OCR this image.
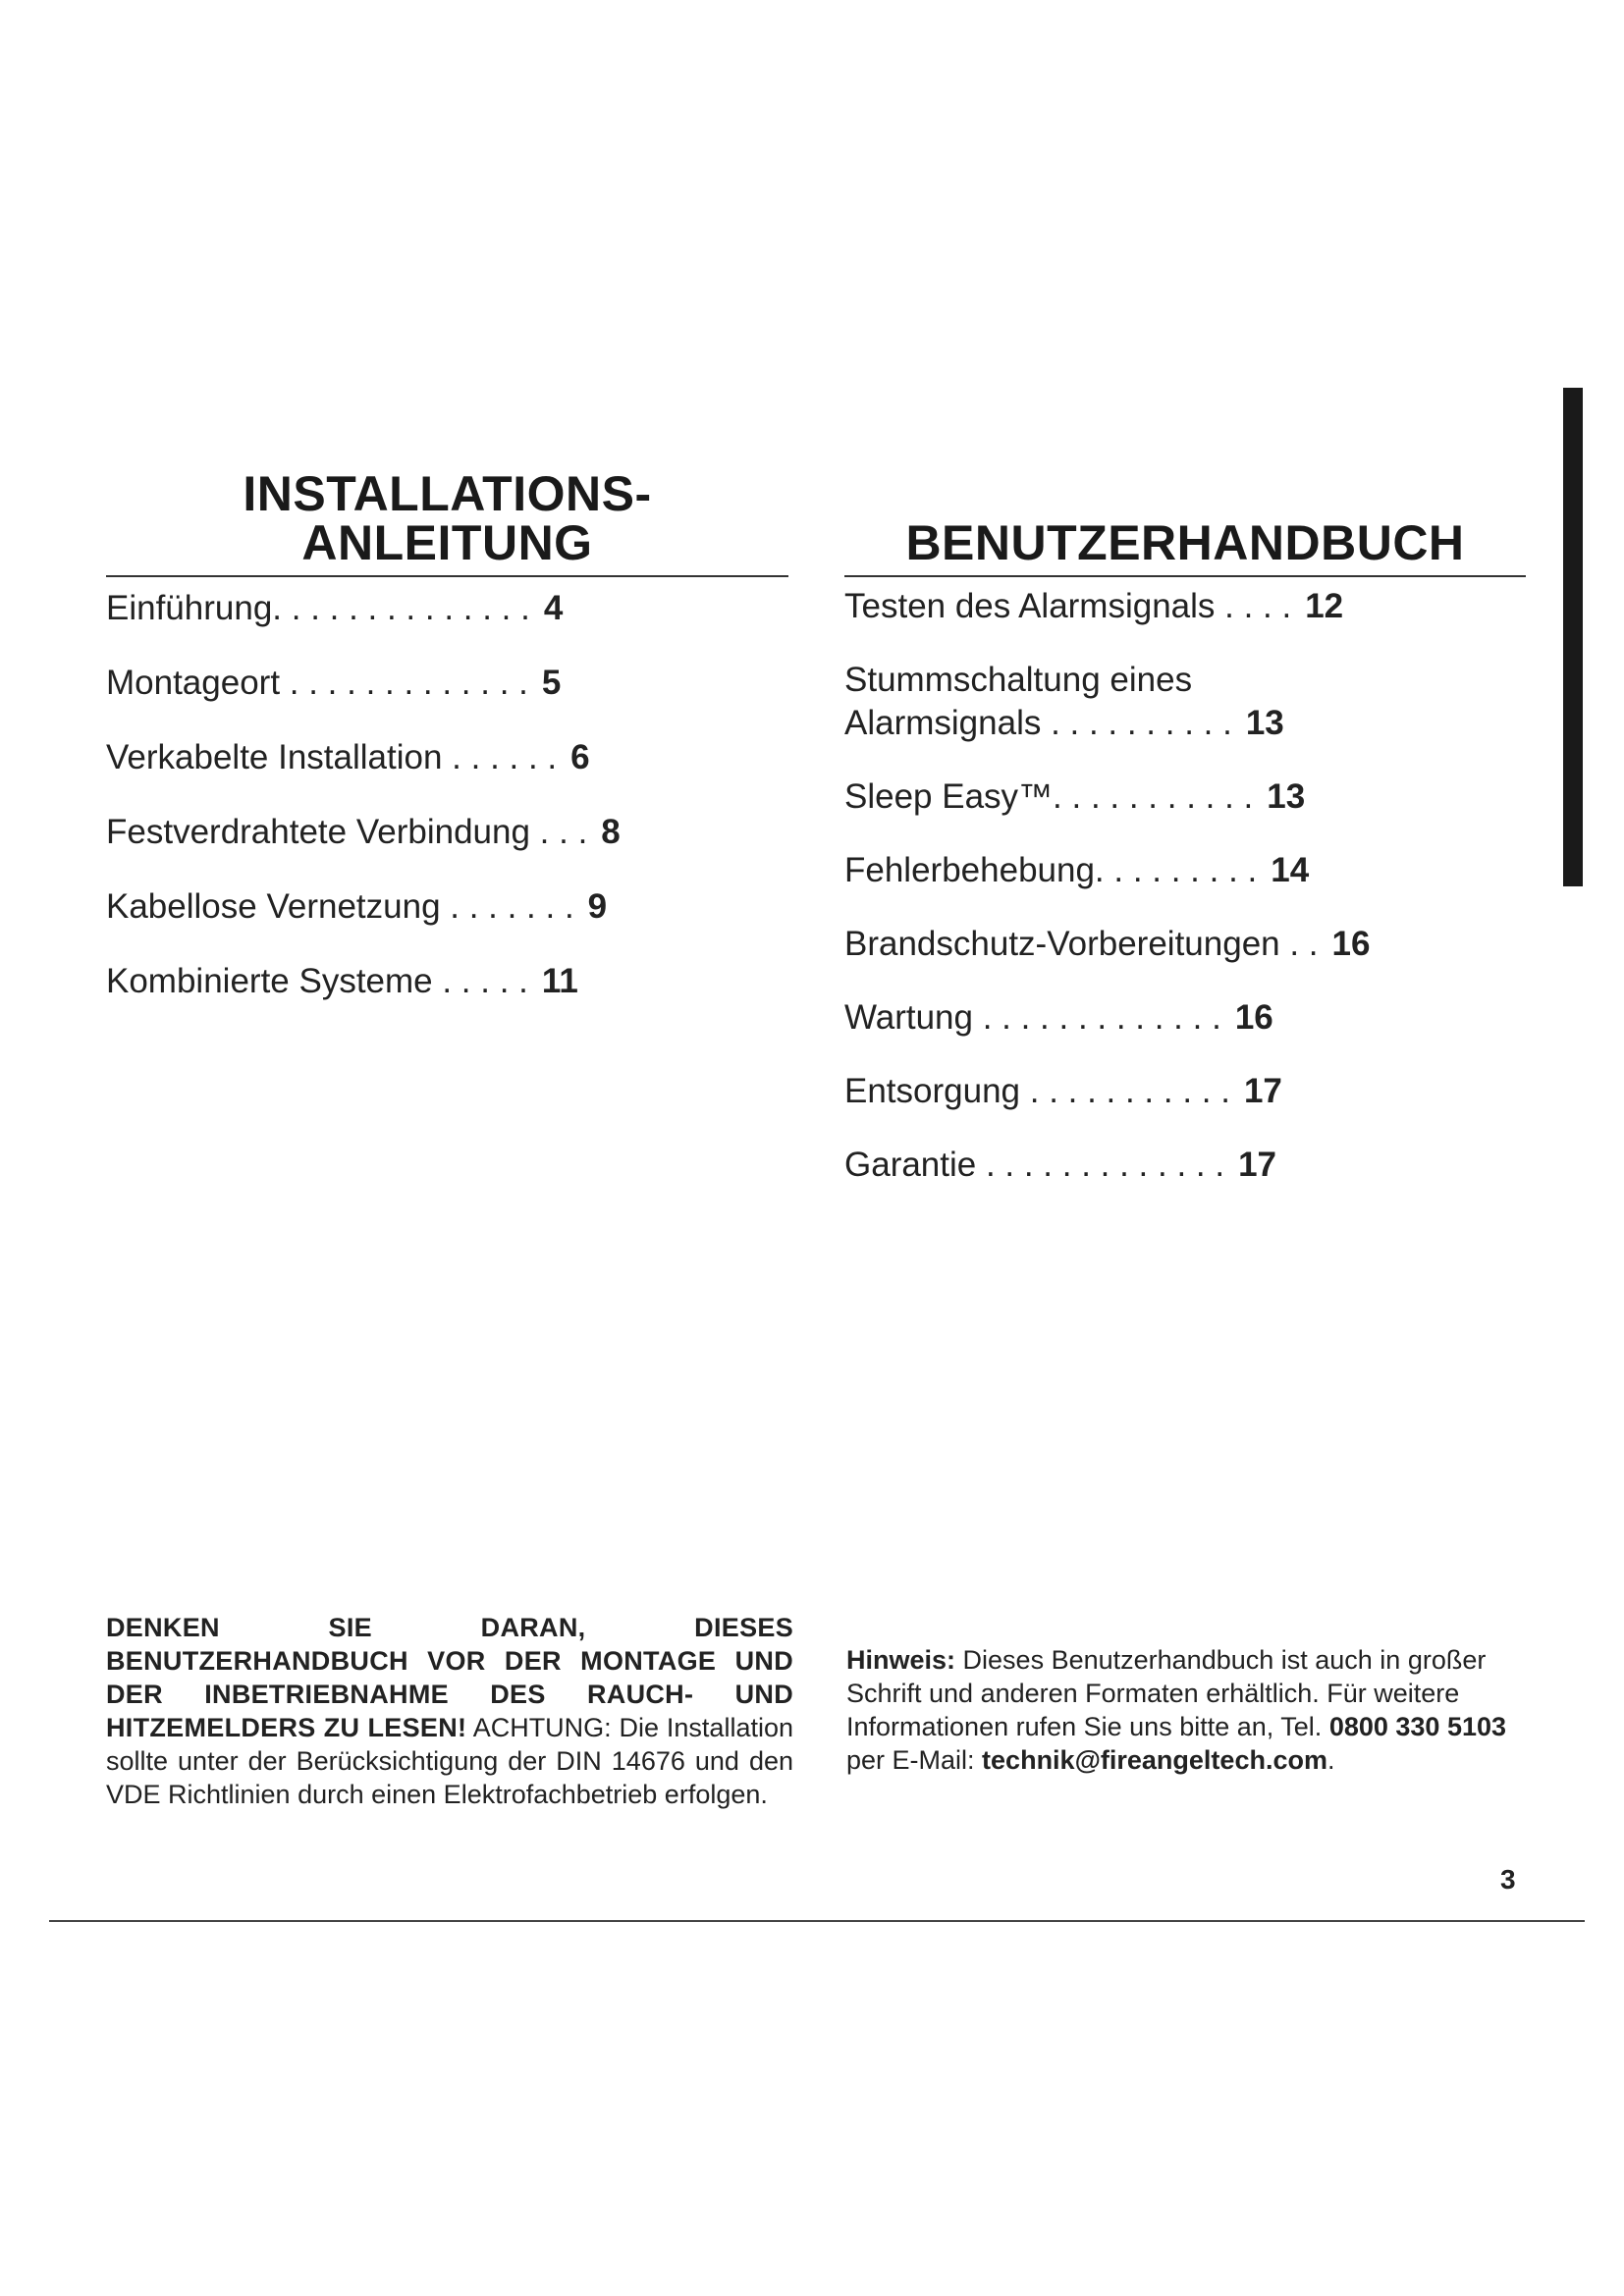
INSTALLATIONS-
ANLEITUNG
Einführung. . . . . . . . . . . . . . 4
Montageort . . . . . . . . . . . . . 5
Verkabelte Installation . . . . . . 6
Festverdrahtete Verbindung . . . 8
Kabellose Vernetzung . . . . . . . 9
Kombinierte Systeme . . . . . 11
BENUTZERHANDBUCH
Testen des Alarmsignals . . . . 12
Stummschaltung eines
Alarmsignals . . . . . . . . . . 13
Sleep Easy™. . . . . . . . . . . 13
Fehlerbehebung. . . . . . . . . 14
Brandschutz-Vorbereitungen . . 16
Wartung . . . . . . . . . . . . . 16
Entsorgung . . . . . . . . . . . 17
Garantie . . . . . . . . . . . . . 17
DENKEN SIE DARAN, DIESES BENUTZERHANDBUCH VOR DER MONTAGE UND DER INBETRIEBNAHME DES RAUCH- UND HITZEMELDERS ZU LESEN! ACHTUNG: Die Installation sollte unter der Berücksichtigung der DIN 14676 und den VDE Richtlinien durch einen Elektrofachbetrieb erfolgen.
Hinweis: Dieses Benutzerhandbuch ist auch in großer Schrift und anderen Formaten erhältlich. Für weitere Informationen rufen Sie uns bitte an, Tel. 0800 330 5103 per E-Mail: technik@fireangeltech.com.
3
